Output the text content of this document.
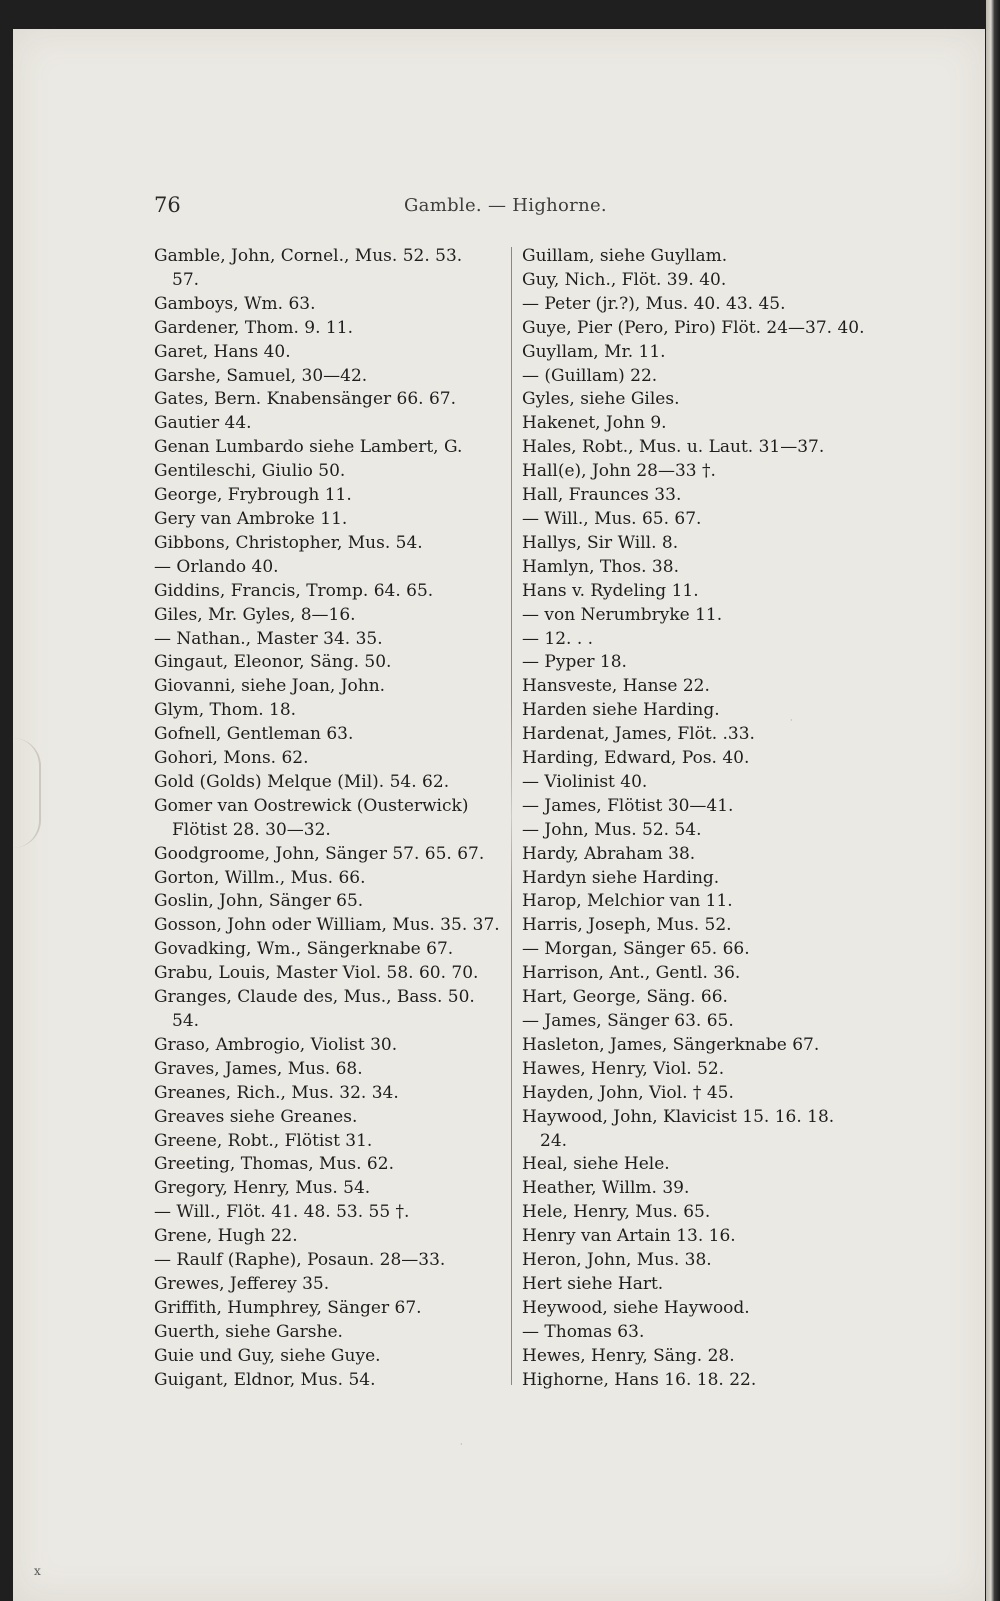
76	Gamble. — Highorne.
Gamble, John, Cornel., Mus. 52. 53.
57.
Gamboys, Wm. 63.
Gardener, Thom. 9. 11.
Garet, Hans 40.
Garshe, Samuel, 30—42.
Gates, Bern. Knabensänger 66. 67.
Gautier 44.
Genan Lumbardo siehe Lambert, G.
Gentileschi, Giulio 50.
George, Frybrough 11.
Gery van Ambroke 11.
Gibbons, Christopher, Mus. 54.
— Orlando 40.
Giddins, Francis, Tromp. 64. 65.
Giles, Mr. Gyles, 8—16.
— Nathan., Master 34. 35.
Gingaut, Eleonor, Säng. 50.
Giovanni, siehe Joan, John.
Glym, Thom. 18.
Gofnell, Gentleman 63.
Gohori, Mons. 62.
Gold (Golds) Melque (Mil). 54. 62.
Gomer van Oostrewick (Ousterwick)
Flötist 28. 30—32.
Goodgroome, John, Sänger 57. 65. 67.
Gorton, Willm., Mus. 66.
Goslin, John, Sänger 65.
Gosson, John oder William, Mus. 35. 37.
Govadking, Wm., Sängerknabe 67.
Grabu, Louis, Master Viol. 58. 60. 70.
Granges, Claude des, Mus., Bass. 50.
54.
Graso, Ambrogio, Violist 30.
Graves, James, Mus. 68.
Greanes, Rich., Mus. 32. 34.
Greaves siehe Greanes.
Greene, Robt., Flötist 31.
Greeting, Thomas, Mus. 62.
Gregory, Henry, Mus. 54.
— Will., Flöt. 41. 48. 53. 55 †.
Grene, Hugh 22.
— Raulf (Raphe), Posaun. 28—33.
Grewes, Jefferey 35.
Griffith, Humphrey, Sänger 67.
Guerth, siehe Garshe.
Guie und Guy, siehe Guye.
Guigant, Eldnor, Mus. 54.
Guillam, siehe Guyllam.
Guy, Nich., Flöt. 39. 40.
— Peter (jr.?), Mus. 40. 43. 45.
Guye, Pier (Pero, Piro) Flöt. 24—37. 40.
Guyllam, Mr. 11.
— (Guillam) 22.
Gyles, siehe Giles.
Hakenet, John 9.
Hales, Robt., Mus. u. Laut. 31—37.
Hall(e), John 28—33 †.
Hall, Fraunces 33.
— Will., Mus. 65. 67.
Hallys, Sir Will. 8.
Hamlyn, Thos. 38.
Hans v. Rydeling 11.
— von Nerumbryke 11.
— 12. . .
— Pyper 18.
Hansveste, Hanse 22.
Harden siehe Harding.
Hardenat, James, Flöt. .33.
Harding, Edward, Pos. 40.
— Violinist 40.
— James, Flötist 30—41.
— John, Mus. 52. 54.
Hardy, Abraham 38.
Hardyn siehe Harding.
Harop, Melchior van 11.
Harris, Joseph, Mus. 52.
— Morgan, Sänger 65. 66.
Harrison, Ant., Gentl. 36.
Hart, George, Säng. 66.
— James, Sänger 63. 65.
Hasleton, James, Sängerknabe 67.
Hawes, Henry, Viol. 52.
Hayden, John, Viol. † 45.
Haywood, John, Klavicist 15. 16. 18.
24.
Heal, siehe Hele.
Heather, Willm. 39.
Hele, Henry, Mus. 65.
Henry van Artain 13. 16.
Heron, John, Mus. 38.
Hert siehe Hart.
Heywood, siehe Haywood.
— Thomas 63.
Hewes, Henry, Säng. 28.
Highorne, Hans 16. 18. 22.
·
·
x
